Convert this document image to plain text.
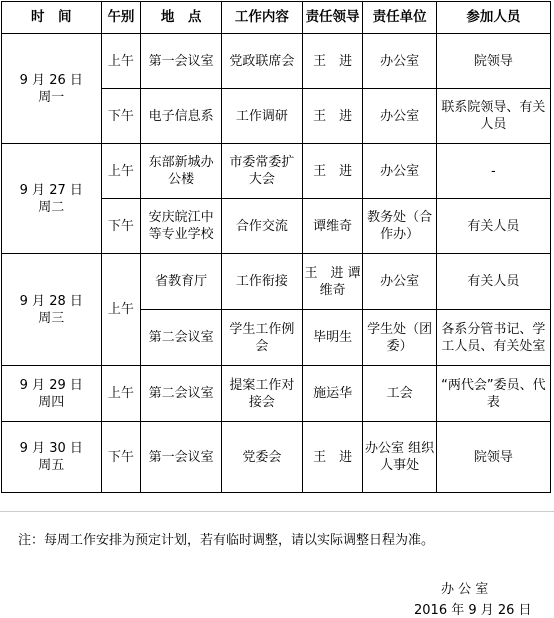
时　间	午别	地　点	工作内容	责任领导	责任单位	参加人员

9 月 26 日
周一	上午	第一会议室	党政联席会	王　进	办公室	院领导
	下午	电子信息系	工作调研	王　进	办公室	联系院领导、有关人员

9 月 27 日
周二	上午	东部新城办公楼	市委常委扩大会	王　进	办公室	-
	下午	安庆皖江中等专业学校	合作交流	谭维奇	教务处（合作办）	有关人员

9 月 28 日
周三	上午	省教育厅	工作衔接	王　进 谭维奇	办公室	有关人员
		第二会议室	学生工作例会	毕明生	学生处（团委）	各系分管书记、学工人员、有关处室

9 月 29 日
周四	上午	第二会议室	提案工作对接会	施运华	工会	“两代会”委员、代表

9 月 30 日
周五	下午	第一会议室	党委会	王　进	办公室 组织人事处	院领导
注：每周工作安排为预定计划，若有临时调整，请以实际调整日程为准。
办 公 室
2016 年 9 月 26 日
